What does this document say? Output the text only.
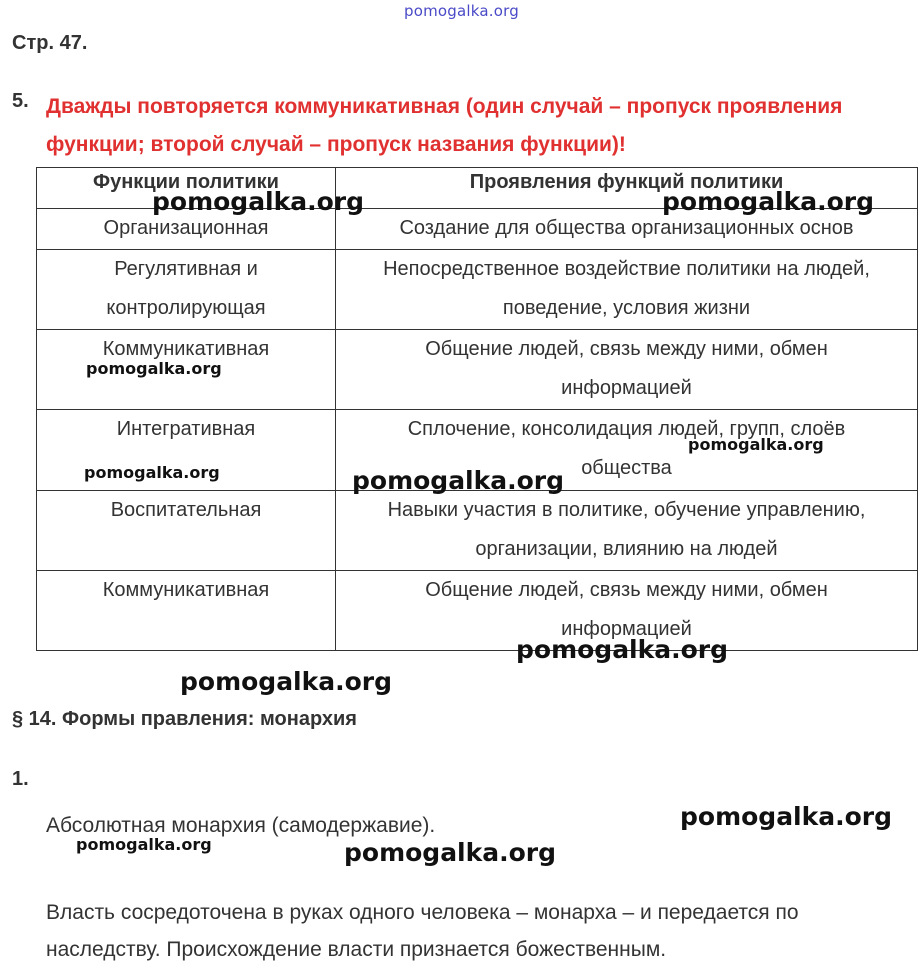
pomogalka.org
Стр. 47.
5. Дважды повторяется коммуникативная (один случай – пропуск проявления функции; второй случай – пропуск названия функции)!
Функции политики	Проявления функций политики

Организационная	Создание для общества организационных основ

Регулятивная и контролирующая	Непосредственное воздействие политики на людей, поведение, условия жизни

Коммуникативная	Общение людей, связь между ними, обмен информацией

Интегративная	Сплочение, консолидация людей, групп, слоёв общества

Воспитательная	Навыки участия в политике, обучение управлению, организации, влиянию на людей

Коммуникативная	Общение людей, связь между ними, обмен информацией
§ 14. Формы правления: монархия
1.
Абсолютная монархия (самодержавие).
Власть сосредоточена в руках одного человека – монарха – и передается по наследству. Происхождение власти признается божественным.
pomogalka.org	pomogalka.org
pomogalka.org
pomogalka.org
pomogalka.org	pomogalka.org
pomogalka.org
pomogalka.org
pomogalka.org
pomogalka.org	pomogalka.org
